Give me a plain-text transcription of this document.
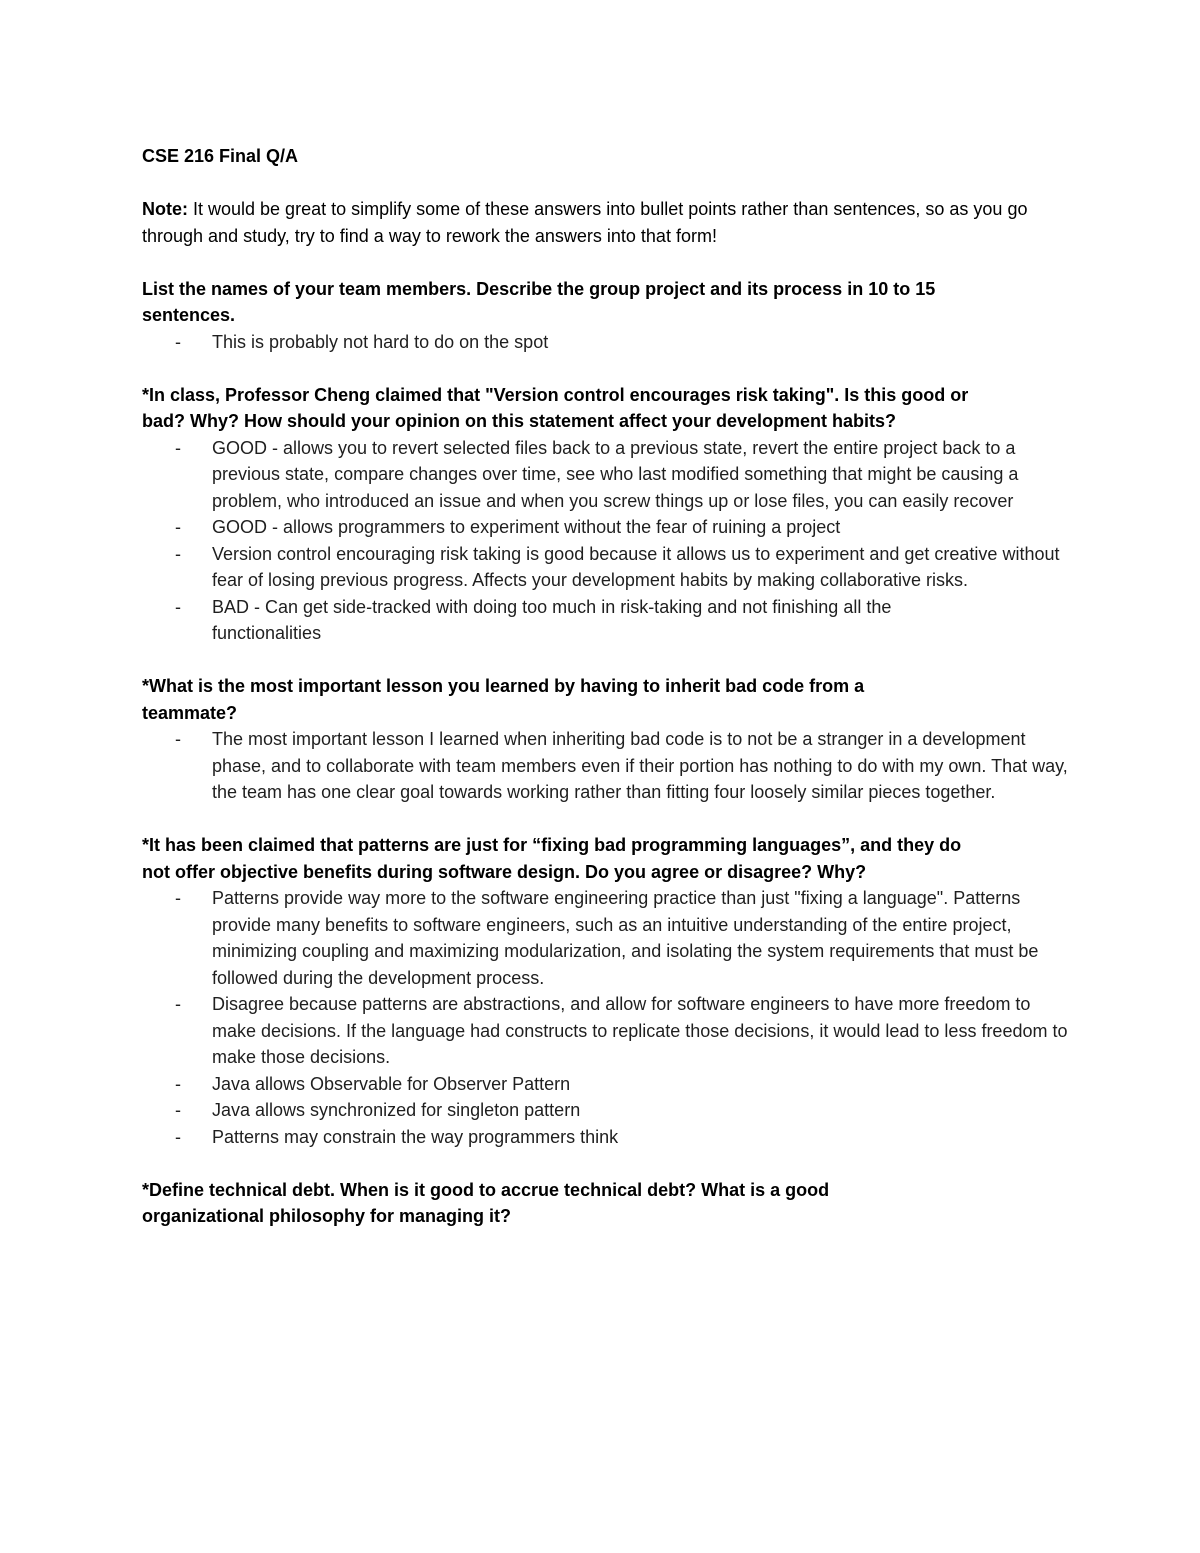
CSE 216 Final Q/A

Note: It would be great to simplify some of these answers into bullet points rather than sentences, so as you go through and study, try to find a way to rework the answers into that form!

List the names of your team members. Describe the group project and its process in 10 to 15 sentences.

- This is probably not hard to do on the spot

*In class, Professor Cheng claimed that "Version control encourages risk taking". Is this good or bad? Why? How should your opinion on this statement affect your development habits?

- GOOD - allows you to revert selected files back to a previous state, revert the entire project back to a previous state, compare changes over time, see who last modified something that might be causing a problem, who introduced an issue and when you screw things up or lose files, you can easily recover
- GOOD - allows programmers to experiment without the fear of ruining a project
- Version control encouraging risk taking is good because it allows us to experiment and get creative without fear of losing previous progress. Affects your development habits by making collaborative risks.
- BAD - Can get side-tracked with doing too much in risk-taking and not finishing all the functionalities

*What is the most important lesson you learned by having to inherit bad code from a teammate?

- The most important lesson I learned when inheriting bad code is to not be a stranger in a development phase, and to collaborate with team members even if their portion has nothing to do with my own. That way, the team has one clear goal towards working rather than fitting four loosely similar pieces together.

*It has been claimed that patterns are just for “fixing bad programming languages”, and they do not offer objective benefits during software design. Do you agree or disagree? Why?

- Patterns provide way more to the software engineering practice than just "fixing a language". Patterns provide many benefits to software engineers, such as an intuitive understanding of the entire project, minimizing coupling and maximizing modularization, and isolating the system requirements that must be followed during the development process.
- Disagree because patterns are abstractions, and allow for software engineers to have more freedom to make decisions. If the language had constructs to replicate those decisions, it would lead to less freedom to make those decisions.
- Java allows Observable for Observer Pattern
- Java allows synchronized for singleton pattern
- Patterns may constrain the way programmers think

*Define technical debt. When is it good to accrue technical debt? What is a good organizational philosophy for managing it?
